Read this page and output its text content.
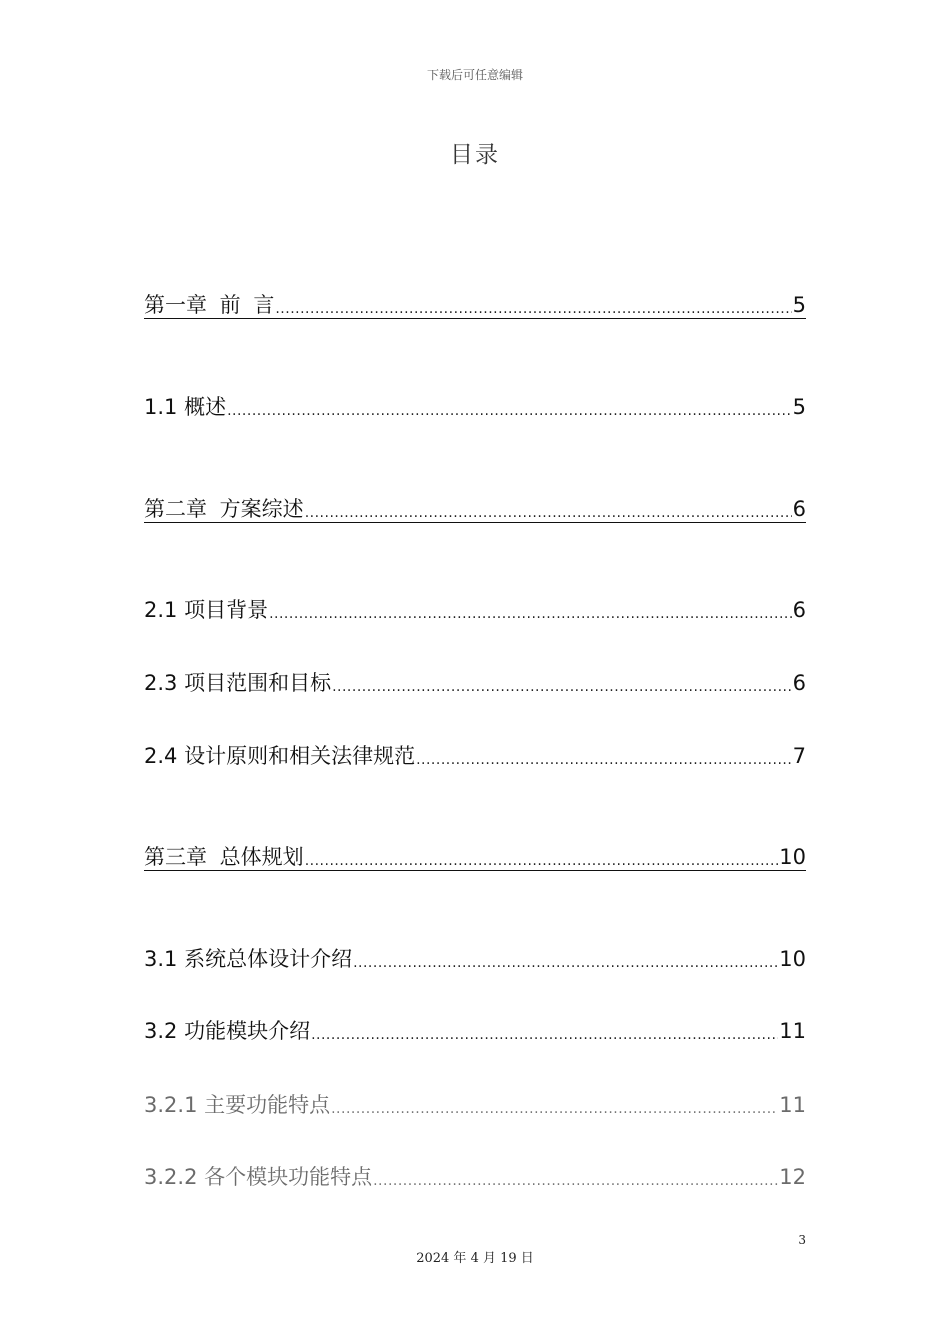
下载后可任意编辑
目录
第一章 前 言 .....	5
1.1 概述 .....	5
第二章 方案综述 .....	6
2.1 项目背景 .....	6
2.3 项目范围和目标 .....	6
2.4 设计原则和相关法律规范 .....	7
第三章 总体规划 .....	10
3.1 系统总体设计介绍 .....	10
3.2 功能模块介绍 .....	11
3.2.1 主要功能特点 .....	11
3.2.2 各个模块功能特点 .....	12
3
2024 年 4 月 19 日
